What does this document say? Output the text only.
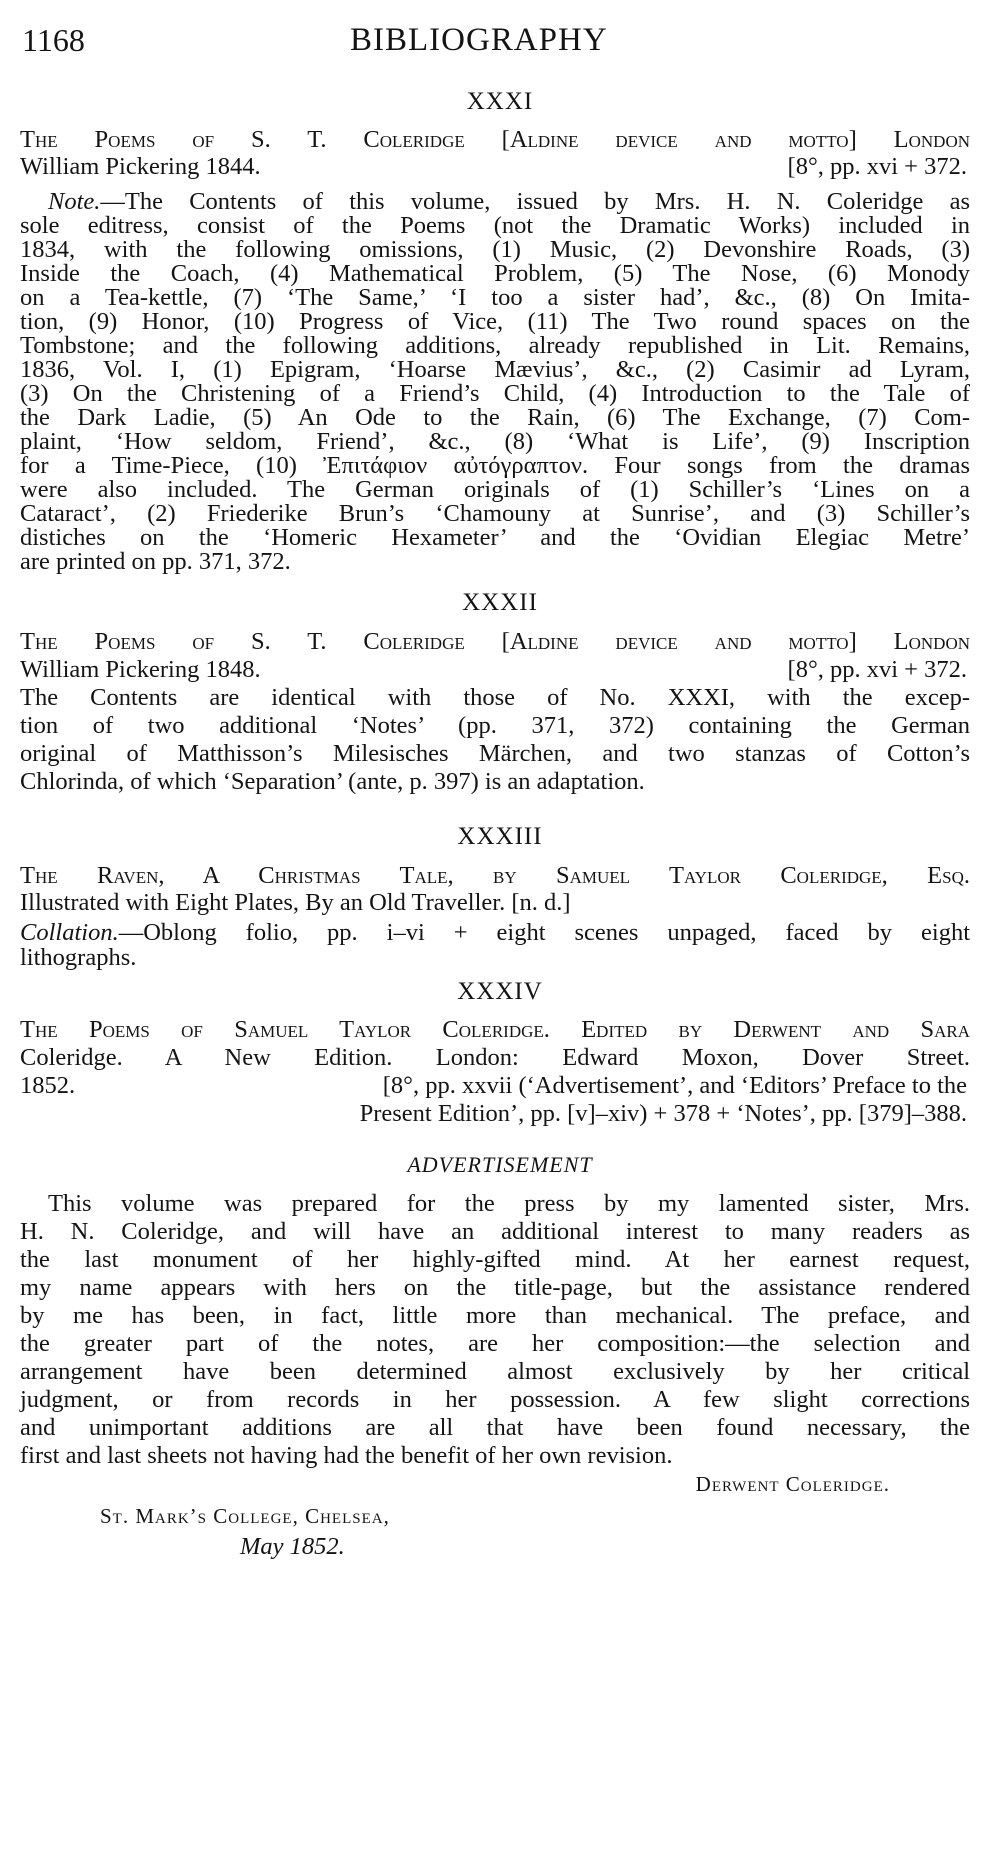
1168	BIBLIOGRAPHY
XXXI
The Poems of S. T. Coleridge [Aldine device and motto] London
William Pickering 1844.	[8°, pp. xvi + 372.
Note.—The Contents of this volume, issued by Mrs. H. N. Coleridge as
sole editress, consist of the Poems (not the Dramatic Works) included in
1834, with the following omissions, (1) Music, (2) Devonshire Roads, (3)
Inside the Coach, (4) Mathematical Problem, (5) The Nose, (6) Monody
on a Tea-kettle, (7) ‘The Same,’ ‘I too a sister had’, &c., (8) On Imita-
tion, (9) Honor, (10) Progress of Vice, (11) The Two round spaces on the
Tombstone; and the following additions, already republished in Lit. Remains,
1836, Vol. I, (1) Epigram, ‘Hoarse Mævius’, &c., (2) Casimir ad Lyram,
(3) On the Christening of a Friend’s Child, (4) Introduction to the Tale of
the Dark Ladie, (5) An Ode to the Rain, (6) The Exchange, (7) Com-
plaint, ‘How seldom, Friend’, &c., (8) ‘What is Life’, (9) Inscription
for a Time-Piece, (10) Ἐπιτάφιον αὐτόγραπτον. Four songs from the dramas
were also included. The German originals of (1) Schiller’s ‘Lines on a
Cataract’, (2) Friederike Brun’s ‘Chamouny at Sunrise’, and (3) Schiller’s
distiches on the ‘Homeric Hexameter’ and the ‘Ovidian Elegiac Metre’
are printed on pp. 371, 372.
XXXII
The Poems of S. T. Coleridge [Aldine device and motto] London
William Pickering 1848.	[8°, pp. xvi + 372.
The Contents are identical with those of No. XXXI, with the excep-
tion of two additional ‘Notes’ (pp. 371, 372) containing the German
original of Matthisson’s Milesisches Märchen, and two stanzas of Cotton’s
Chlorinda, of which ‘Separation’ (ante, p. 397) is an adaptation.
XXXIII
The Raven, A Christmas Tale, by Samuel Taylor Coleridge, Esq.
Illustrated with Eight Plates, By an Old Traveller. [n. d.]
Collation.—Oblong folio, pp. i–vi + eight scenes unpaged, faced by eight
lithographs.
XXXIV
The Poems of Samuel Taylor Coleridge. Edited by Derwent and Sara
Coleridge. A New Edition. London: Edward Moxon, Dover Street.
1852.	[8°, pp. xxvii (‘Advertisement’, and ‘Editors’ Preface to the
Present Edition’, pp. [v]–xiv) + 378 + ‘Notes’, pp. [379]–388.
ADVERTISEMENT
This volume was prepared for the press by my lamented sister, Mrs.
H. N. Coleridge, and will have an additional interest to many readers as
the last monument of her highly-gifted mind. At her earnest request,
my name appears with hers on the title-page, but the assistance rendered
by me has been, in fact, little more than mechanical. The preface, and
the greater part of the notes, are her composition:—the selection and
arrangement have been determined almost exclusively by her critical
judgment, or from records in her possession. A few slight corrections
and unimportant additions are all that have been found necessary, the
first and last sheets not having had the benefit of her own revision.
Derwent Coleridge.
St. Mark’s College, Chelsea,
May 1852.
